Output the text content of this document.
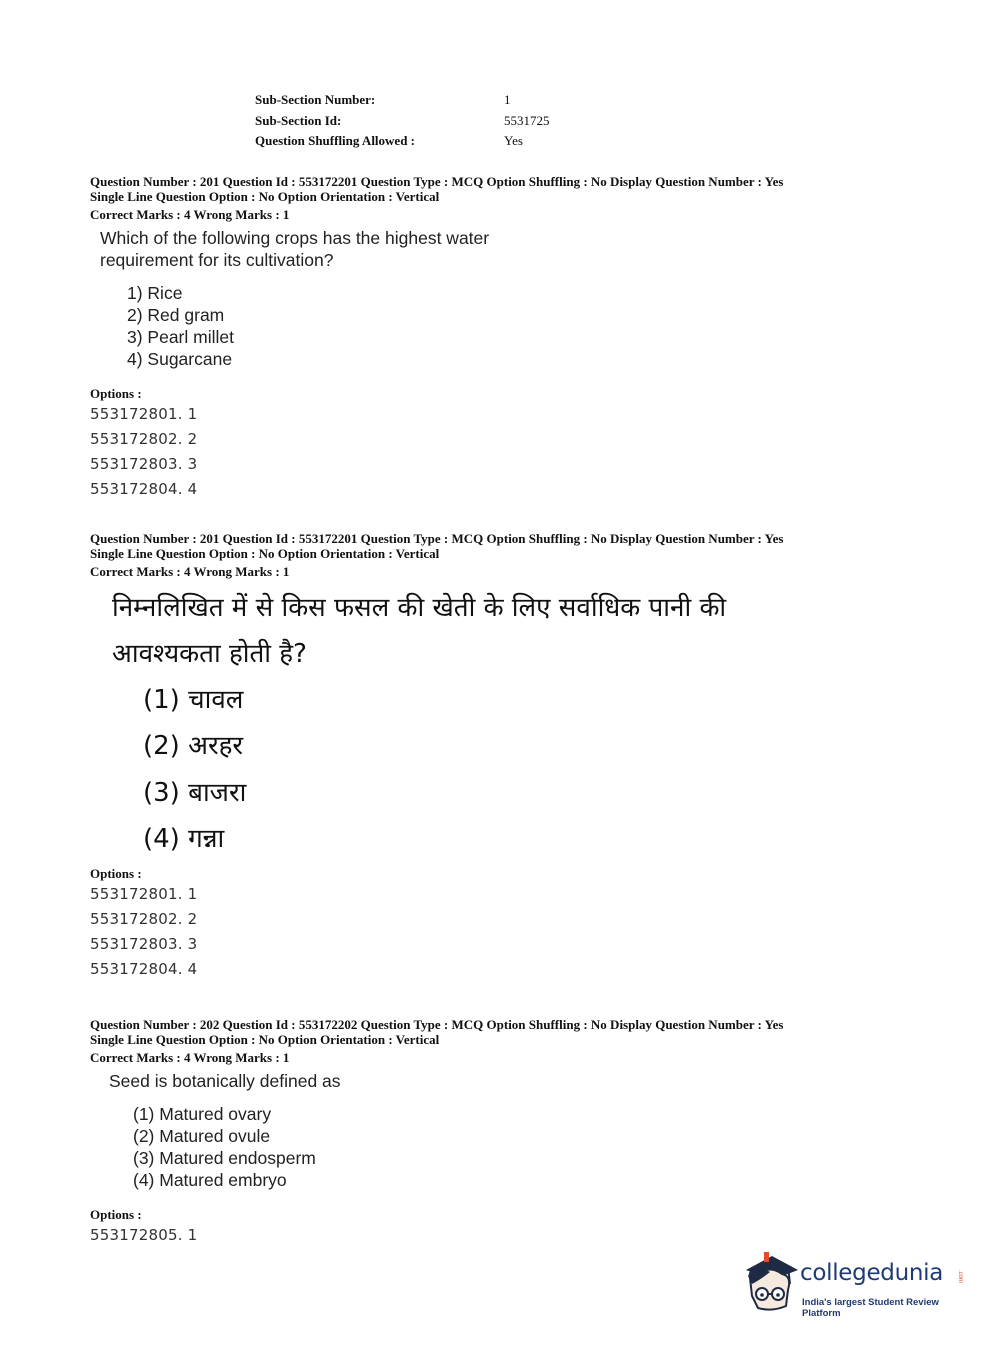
Sub-Section Number:	1
Sub-Section Id:	5531725
Question Shuffling Allowed :	Yes
Question Number : 201 Question Id : 553172201 Question Type : MCQ Option Shuffling : No Display Question Number : Yes
Single Line Question Option : No Option Orientation : Vertical
Correct Marks : 4 Wrong Marks : 1
Which of the following crops has the highest water
requirement for its cultivation?
1) Rice
2) Red gram
3) Pearl millet
4) Sugarcane
Options :
553172801. 1
553172802. 2
553172803. 3
553172804. 4
Question Number : 201 Question Id : 553172201 Question Type : MCQ Option Shuffling : No Display Question Number : Yes
Single Line Question Option : No Option Orientation : Vertical
Correct Marks : 4 Wrong Marks : 1
निम्नलिखित में से किस फसल की खेती के लिए सर्वाधिक पानी की
आवश्यकता होती है?
(1) चावल
(2) अरहर
(3) बाजरा
(4) गन्ना
Options :
553172801. 1
553172802. 2
553172803. 3
553172804. 4
Question Number : 202 Question Id : 553172202 Question Type : MCQ Option Shuffling : No Display Question Number : Yes
Single Line Question Option : No Option Orientation : Vertical
Correct Marks : 4 Wrong Marks : 1
Seed is botanically defined as
(1) Matured ovary
(2) Matured ovule
(3) Matured endosperm
(4) Matured embryo
Options :
553172805. 1
collegedunia .com
India's largest Student Review Platform
